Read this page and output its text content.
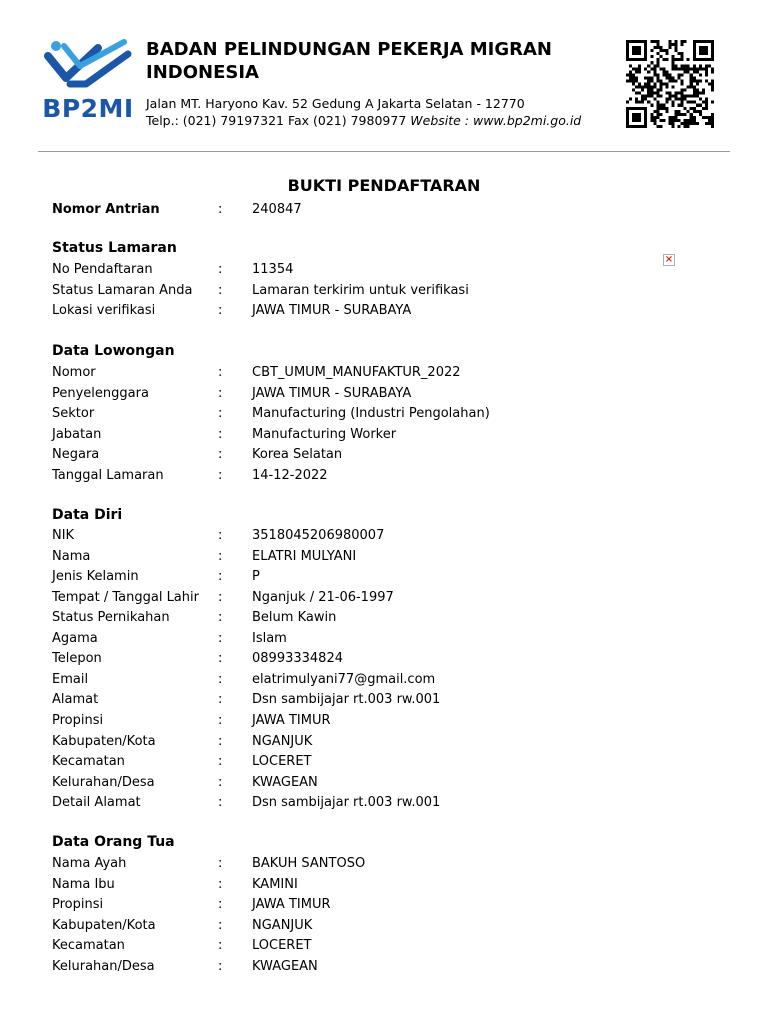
BP2MI
BADAN PELINDUNGAN PEKERJA MIGRAN
INDONESIA
Jalan MT. Haryono Kav. 52 Gedung A Jakarta Selatan - 12770
Telp.: (021) 79197321 Fax (021) 7980977 Website : www.bp2mi.go.id
BUKTI PENDAFTARAN
Nomor Antrian	: 240847
×
Status Lamaran
No Pendaftaran	: 11354
Status Lamaran Anda : Lamaran terkirim untuk verifikasi
Lokasi verifikasi	: JAWA TIMUR - SURABAYA
Data Lowongan
Nomor	: CBT_UMUM_MANUFAKTUR_2022
Penyelenggara	: JAWA TIMUR - SURABAYA
Sektor	: Manufacturing (Industri Pengolahan)
Jabatan	: Manufacturing Worker
Negara	: Korea Selatan
Tanggal Lamaran	: 14-12-2022
Data Diri
NIK	: 3518045206980007
Nama	: ELATRI MULYANI
Jenis Kelamin	: P
Tempat / Tanggal Lahir : Nganjuk / 21-06-1997
Status Pernikahan	: Belum Kawin
Agama	: Islam
Telepon	: 08993334824
Email	: elatrimulyani77@gmail.com
Alamat	: Dsn sambijajar rt.003 rw.001
Propinsi	: JAWA TIMUR
Kabupaten/Kota	: NGANJUK
Kecamatan	: LOCERET
Kelurahan/Desa	: KWAGEAN
Detail Alamat	: Dsn sambijajar rt.003 rw.001
Data Orang Tua
Nama Ayah	: BAKUH SANTOSO
Nama Ibu	: KAMINI
Propinsi	: JAWA TIMUR
Kabupaten/Kota	: NGANJUK
Kecamatan	: LOCERET
Kelurahan/Desa	: KWAGEAN
